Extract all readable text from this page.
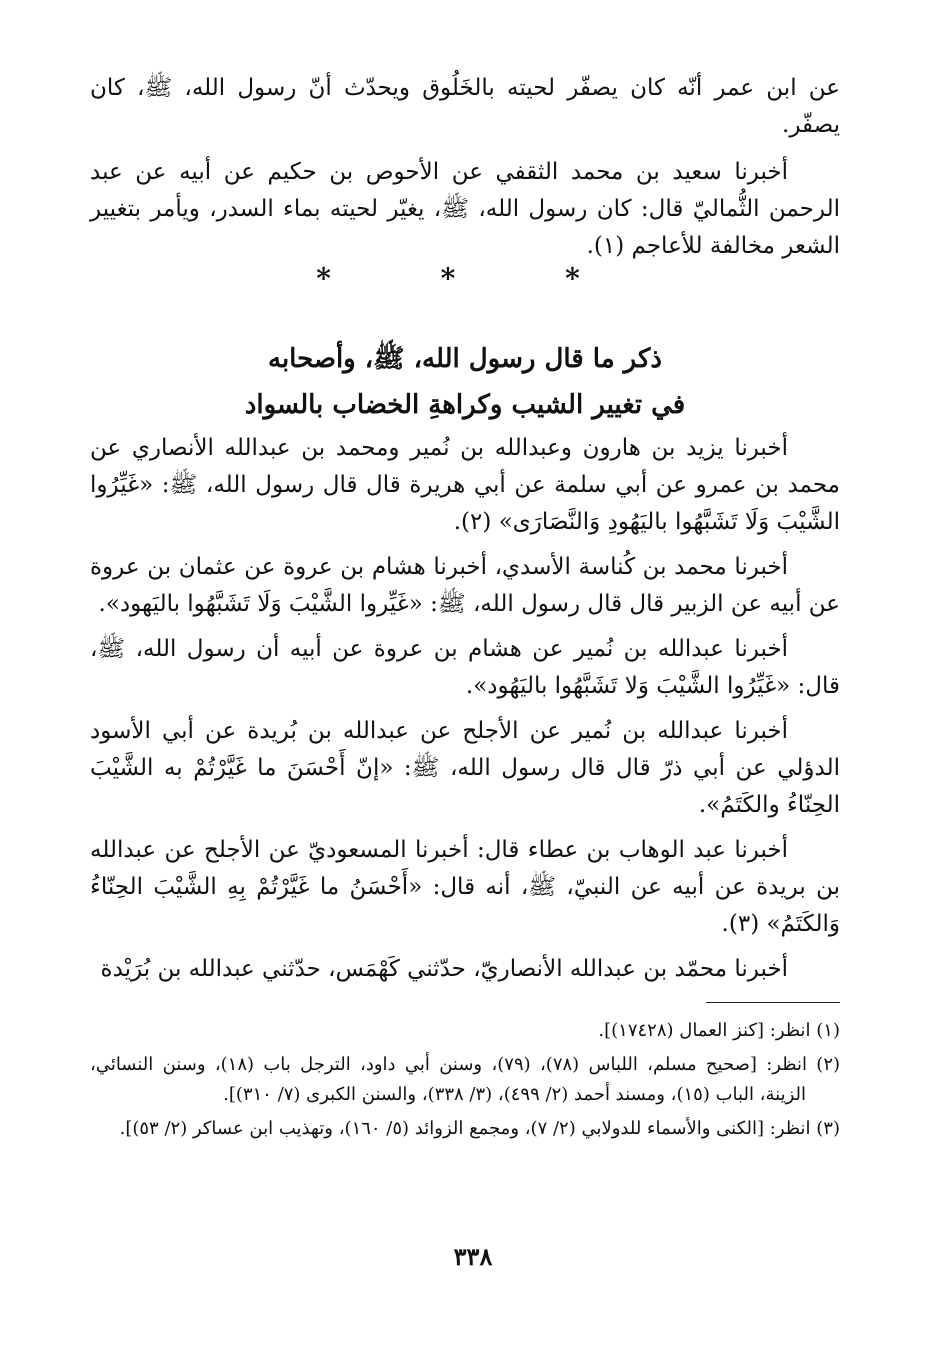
عن ابن عمر أنّه كان يصفّر لحيته بالخَلُوق ويحدّث أنّ رسول الله، ﷺ، كان يصفّر.

أخبرنا سعيد بن محمد الثقفي عن الأحوص بن حكيم عن أبيه عن عبد الرحمن الثُّماليّ قال: كان رسول الله، ﷺ، يغيّر لحيته بماء السدر، ويأمر بتغيير الشعر مخالفة للأعاجم (١).

* * *

ذكر ما قال رسول الله، ﷺ، وأصحابه

في تغيير الشيب وكراهةِ الخضاب بالسواد

أخبرنا يزيد بن هارون وعبدالله بن نُمير ومحمد بن عبدالله الأنصاري عن محمد بن عمرو عن أبي سلمة عن أبي هريرة قال قال رسول الله، ﷺ: «غَيِّرُوا الشَّيْبَ وَلَا تَشَبَّهُوا باليَهُودِ وَالنَّصَارَى» (٢).

أخبرنا محمد بن كُناسة الأسدي، أخبرنا هشام بن عروة عن عثمان بن عروة عن أبيه عن الزبير قال قال رسول الله، ﷺ: «غَيِّروا الشَّيْبَ وَلَا تَشَبَّهُوا باليَهود».

أخبرنا عبدالله بن نُمير عن هشام بن عروة عن أبيه أن رسول الله، ﷺ، قال: «غَيِّرُوا الشَّيْبَ وَلا تَشَبَّهُوا باليَهُود».

أخبرنا عبدالله بن نُمير عن الأجلح عن عبدالله بن بُريدة عن أبي الأسود الدؤلي عن أبي ذرّ قال قال رسول الله، ﷺ: «إنّ أَحْسَنَ ما غَيَّرْتُمْ به الشَّيْبَ الحِنّاءُ والكَتَمُ».

أخبرنا عبد الوهاب بن عطاء قال: أخبرنا المسعوديّ عن الأجلح عن عبدالله بن بريدة عن أبيه عن النبيّ، ﷺ، أنه قال: «أَحْسَنُ ما غَيَّرْتُمْ بِهِ الشَّيْبَ الحِنّاءُ وَالكَتَمُ» (٣).

أخبرنا محمّد بن عبدالله الأنصاريّ، حدّثني كَهْمَس، حدّثني عبدالله بن بُرَيْدة

(١) انظر: [كنز العمال (١٧٤٢٨)].

(٢) انظر: [صحيح مسلم، اللباس (٧٨)، (٧٩)، وسنن أبي داود، الترجل باب (١٨)، وسنن النسائي، الزينة، الباب (١٥)، ومسند أحمد (٢/ ٤٩٩)، (٣/ ٣٣٨)، والسنن الكبرى (٧/ ٣١٠)].

(٣) انظر: [الكنى والأسماء للدولابي (٢/ ٧)، ومجمع الزوائد (٥/ ١٦٠)، وتهذيب ابن عساكر (٢/ ٥٣)].

٣٣٨
